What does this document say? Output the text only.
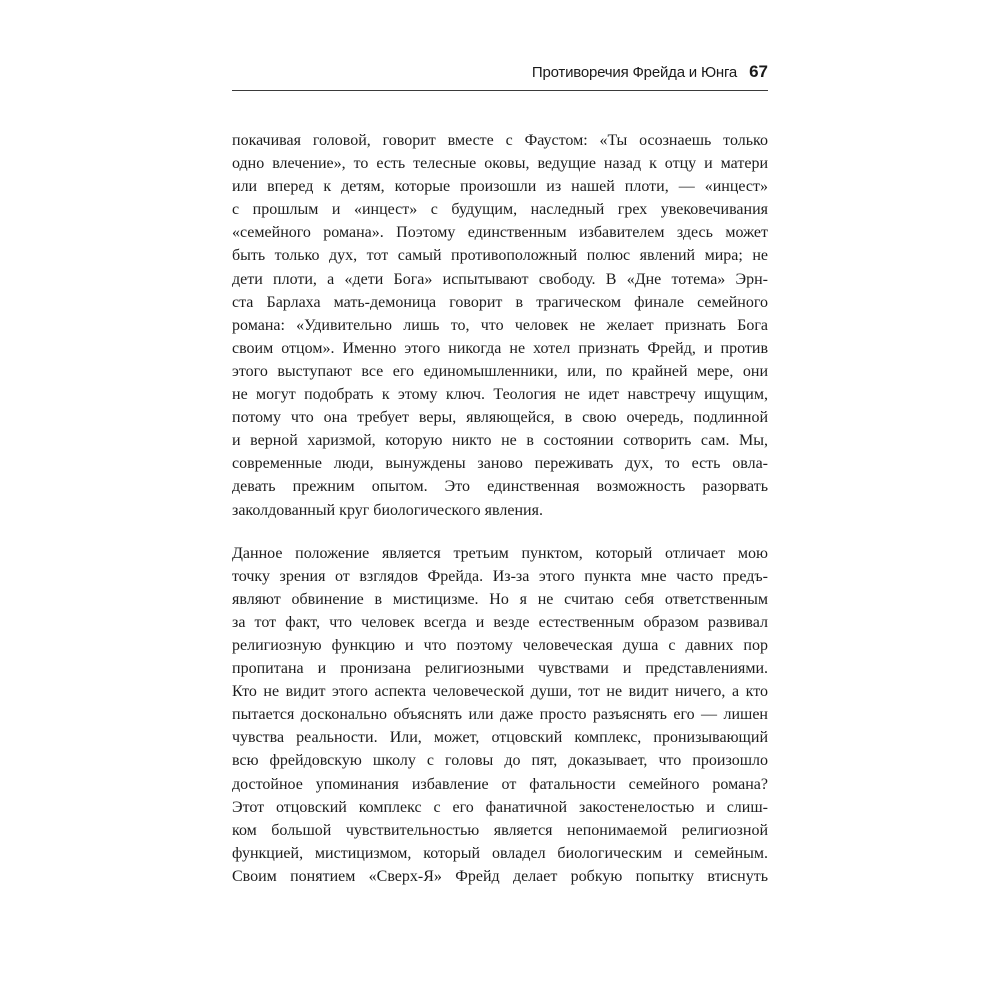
Противоречия Фрейда и Юнга 67
покачивая головой, говорит вместе с Фаустом: «Ты осознаешь только
одно влечение», то есть телесные оковы, ведущие назад к отцу и матери
или вперед к детям, которые произошли из нашей плоти, — «инцест»
с прошлым и «инцест» с будущим, наследный грех увековечивания
«семейного романа». Поэтому единственным избавителем здесь может
быть только дух, тот самый противоположный полюс явлений мира; не
дети плоти, а «дети Бога» испытывают свободу. В «Дне тотема» Эрн-
ста Барлаха мать-демоница говорит в трагическом финале семейного
романа: «Удивительно лишь то, что человек не желает признать Бога
своим отцом». Именно этого никогда не хотел признать Фрейд, и против
этого выступают все его единомышленники, или, по крайней мере, они
не могут подобрать к этому ключ. Теология не идет навстречу ищущим,
потому что она требует веры, являющейся, в свою очередь, подлинной
и верной харизмой, которую никто не в состоянии сотворить сам. Мы,
современные люди, вынуждены заново переживать дух, то есть овла-
девать прежним опытом. Это единственная возможность разорвать
заколдованный круг биологического явления.
Данное положение является третьим пунктом, который отличает мою
точку зрения от взглядов Фрейда. Из-за этого пункта мне часто предъ-
являют обвинение в мистицизме. Но я не считаю себя ответственным
за тот факт, что человек всегда и везде естественным образом развивал
религиозную функцию и что поэтому человеческая душа с давних пор
пропитана и пронизана религиозными чувствами и представлениями.
Кто не видит этого аспекта человеческой души, тот не видит ничего, а кто
пытается досконально объяснять или даже просто разъяснять его — лишен
чувства реальности. Или, может, отцовский комплекс, пронизывающий
всю фрейдовскую школу с головы до пят, доказывает, что произошло
достойное упоминания избавление от фатальности семейного романа?
Этот отцовский комплекс с его фанатичной закостенелостью и слиш-
ком большой чувствительностью является непонимаемой религиозной
функцией, мистицизмом, который овладел биологическим и семейным.
Своим понятием «Сверх-Я» Фрейд делает робкую попытку втиснуть
